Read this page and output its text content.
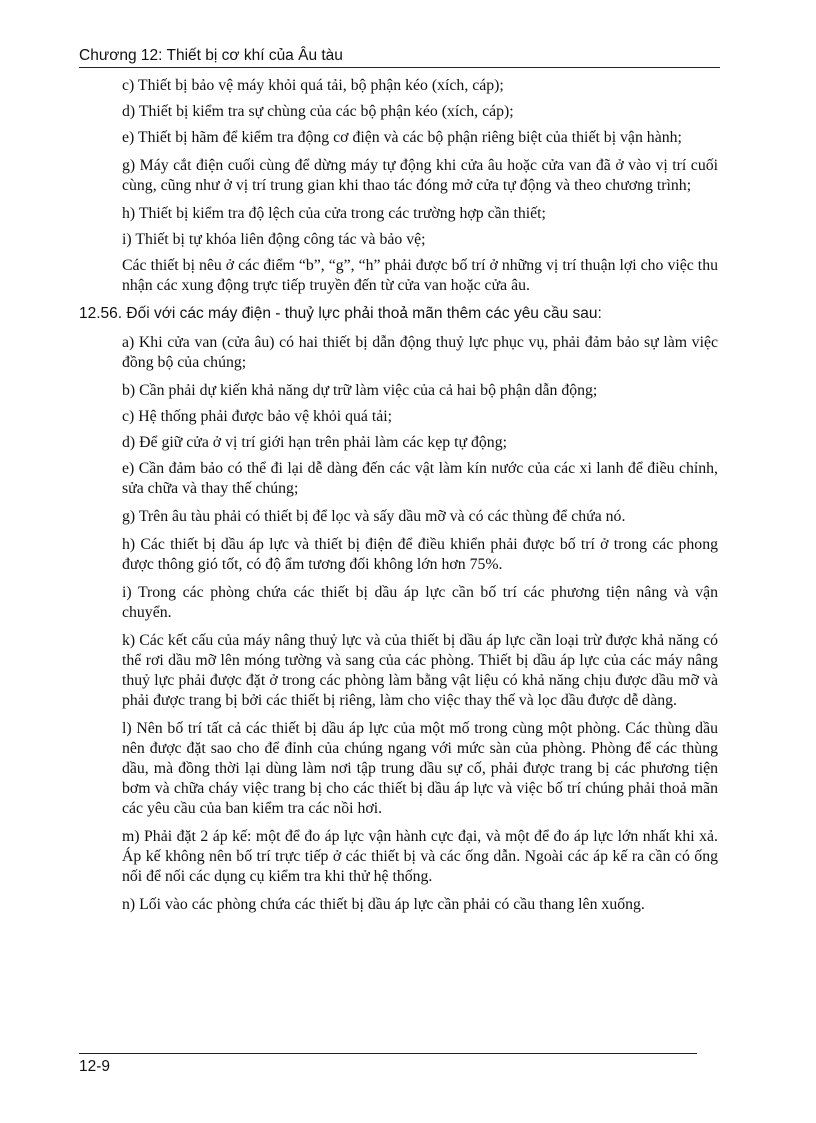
Chương 12: Thiết bị cơ khí của Âu tàu

c) Thiết bị bảo vệ máy khỏi quá tải, bộ phận kéo (xích, cáp);

d) Thiết bị kiểm tra sự chùng của các bộ phận kéo (xích, cáp);

e) Thiết bị hãm để kiểm tra động cơ điện và các bộ phận riêng biệt của thiết bị vận hành;

g) Máy cắt điện cuối cùng để dừng máy tự động khi cửa âu hoặc cửa van đã ở vào vị trí cuối cùng, cũng như ở vị trí trung gian khi thao tác đóng mở cửa tự động và theo chương trình;

h) Thiết bị kiểm tra độ lệch của cửa trong các trường hợp cần thiết;

i) Thiết bị tự khóa liên động công tác và bảo vệ;

Các thiết bị nêu ở các điểm “b”, “g”, “h” phải được bố trí ở những vị trí thuận lợi cho việc thu nhận các xung động trực tiếp truyền đến từ cửa van hoặc cửa âu.

12.56. Đối với các máy điện - thuỷ lực phải thoả mãn thêm các yêu cầu sau:

a) Khi cửa van (cửa âu) có hai thiết bị dẫn động thuỷ lực phục vụ, phải đảm bảo sự làm việc đồng bộ của chúng;

b) Cần phải dự kiến khả năng dự trữ làm việc của cả hai bộ phận dẫn động;

c) Hệ thống phải được bảo vệ khỏi quá tải;

d) Để giữ cửa ở vị trí giới hạn trên phải làm các kẹp tự động;

e) Cần đảm bảo có thể đi lại dễ dàng đến các vật làm kín nước của các xi lanh để điều chỉnh, sửa chữa và thay thế chúng;

g) Trên âu tàu phải có thiết bị để lọc và sấy dầu mỡ và có các thùng để chứa nó.

h) Các thiết bị dầu áp lực và thiết bị điện để điều khiển phải được bố trí ở trong các phong được thông gió tốt, có độ ẩm tương đối không lớn hơn 75%.

i) Trong các phòng chứa các thiết bị dầu áp lực cần bố trí các phương tiện nâng và vận chuyển.

k) Các kết cấu của máy nâng thuỷ lực và của thiết bị dầu áp lực cần loại trừ được khả năng có thể rơi dầu mỡ lên móng tường và sang của các phòng. Thiết bị dầu áp lực của các máy nâng thuỷ lực phải được đặt ở trong các phòng làm bằng vật liệu có khả năng chịu được dầu mỡ và phải được trang bị bởi các thiết bị riêng, làm cho việc thay thế và lọc dầu được dễ dàng.

l) Nên bố trí tất cả các thiết bị dầu áp lực của một mố trong cùng một phòng. Các thùng dầu nên được đặt sao cho để đỉnh của chúng ngang với mức sàn của phòng. Phòng để các thùng dầu, mà đồng thời lại dùng làm nơi tập trung dầu sự cố, phải được trang bị các phương tiện bơm và chữa cháy việc trang bị cho các thiết bị dầu áp lực và việc bố trí chúng phải thoả mãn các yêu cầu của ban kiểm tra các nồi hơi.

m) Phải đặt 2 áp kế: một để đo áp lực vận hành cực đại, và một để đo áp lực lớn nhất khi xả. Áp kế không nên bố trí trực tiếp ở các thiết bị và các ống dẫn. Ngoài các áp kế ra cần có ống nối để nối các dụng cụ kiểm tra khi thử hệ thống.

n) Lối vào các phòng chứa các thiết bị dầu áp lực cần phải có cầu thang lên xuống.

12-9
